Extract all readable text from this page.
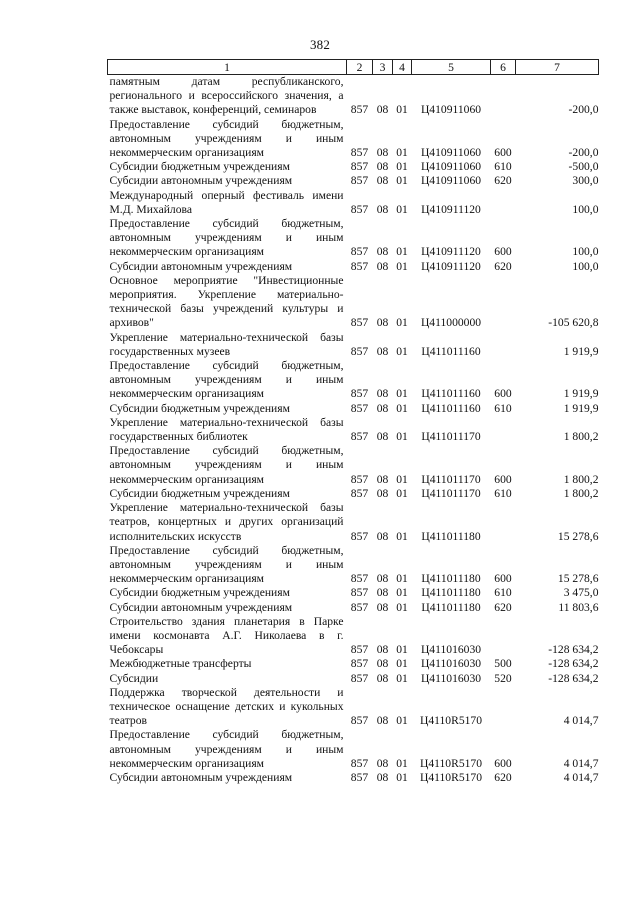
382
1	2	3	4	5	6	7
памятным датам республиканского, регионального и всероссийского значения, а также выставок, конференций, семинаров	857	08	01	Ц410911060		-200,0
Предоставление субсидий бюджетным, автономным учреждениям и иным некоммерческим организациям	857	08	01	Ц410911060	600	-200,0
Субсидии бюджетным учреждениям	857	08	01	Ц410911060	610	-500,0
Субсидии автономным учреждениям	857	08	01	Ц410911060	620	300,0
Международный оперный фестиваль имени М.Д. Михайлова	857	08	01	Ц410911120		100,0
Предоставление субсидий бюджетным, автономным учреждениям и иным некоммерческим организациям	857	08	01	Ц410911120	600	100,0
Субсидии автономным учреждениям	857	08	01	Ц410911120	620	100,0
Основное мероприятие "Инвестиционные мероприятия. Укрепление материально-технической базы учреждений культуры и архивов"	857	08	01	Ц411000000		-105 620,8
Укрепление материально-технической базы государственных музеев	857	08	01	Ц411011160		1 919,9
Предоставление субсидий бюджетным, автономным учреждениям и иным некоммерческим организациям	857	08	01	Ц411011160	600	1 919,9
Субсидии бюджетным учреждениям	857	08	01	Ц411011160	610	1 919,9
Укрепление материально-технической базы государственных библиотек	857	08	01	Ц411011170		1 800,2
Предоставление субсидий бюджетным, автономным учреждениям и иным некоммерческим организациям	857	08	01	Ц411011170	600	1 800,2
Субсидии бюджетным учреждениям	857	08	01	Ц411011170	610	1 800,2
Укрепление материально-технической базы театров, концертных и других организаций исполнительских искусств	857	08	01	Ц411011180		15 278,6
Предоставление субсидий бюджетным, автономным учреждениям и иным некоммерческим организациям	857	08	01	Ц411011180	600	15 278,6
Субсидии бюджетным учреждениям	857	08	01	Ц411011180	610	3 475,0
Субсидии автономным учреждениям	857	08	01	Ц411011180	620	11 803,6
Строительство здания планетария в Парке имени космонавта А.Г. Николаева в г. Чебоксары	857	08	01	Ц411016030		-128 634,2
Межбюджетные трансферты	857	08	01	Ц411016030	500	-128 634,2
Субсидии	857	08	01	Ц411016030	520	-128 634,2
Поддержка творческой деятельности и техническое оснащение детских и кукольных театров	857	08	01	Ц4110R5170		4 014,7
Предоставление субсидий бюджетным, автономным учреждениям и иным некоммерческим организациям	857	08	01	Ц4110R5170	600	4 014,7
Субсидии автономным учреждениям	857	08	01	Ц4110R5170	620	4 014,7
